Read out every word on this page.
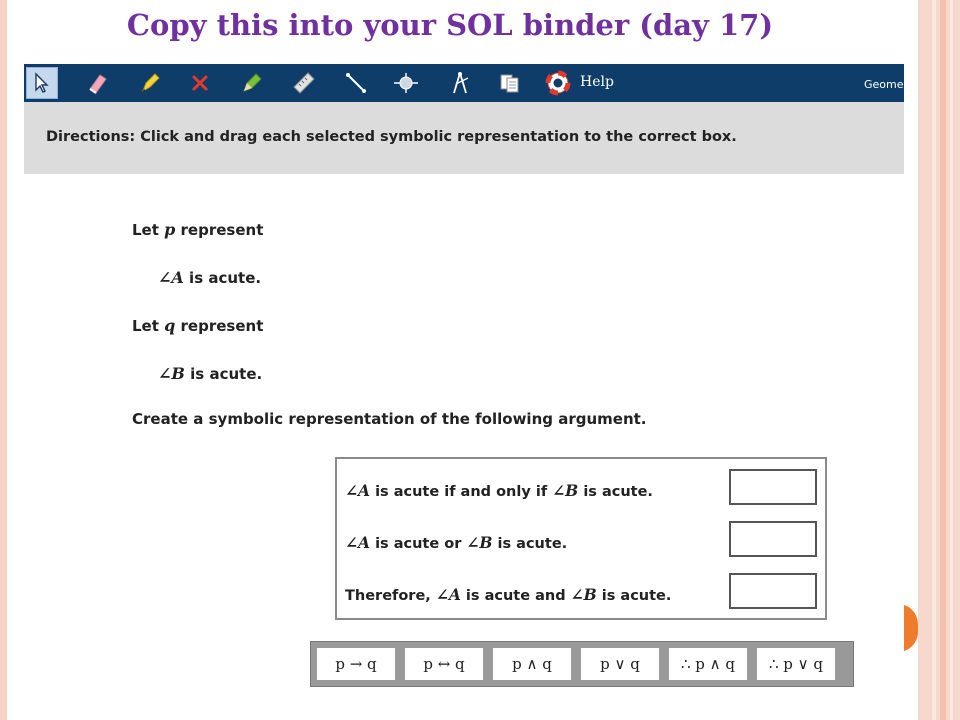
Copy this into your SOL binder (day 17)
Help	Geome
Directions: Click and drag each selected symbolic representation to the correct box.
Let p represent
∠A is acute.
Let q represent
∠B is acute.
Create a symbolic representation of the following argument.
∠A is acute if and only if ∠B is acute.
∠A is acute or ∠B is acute.
Therefore, ∠A is acute and ∠B is acute.
p → q	p ↔ q	p ∧ q	p ∨ q	∴ p ∧ q	∴ p ∨ q
